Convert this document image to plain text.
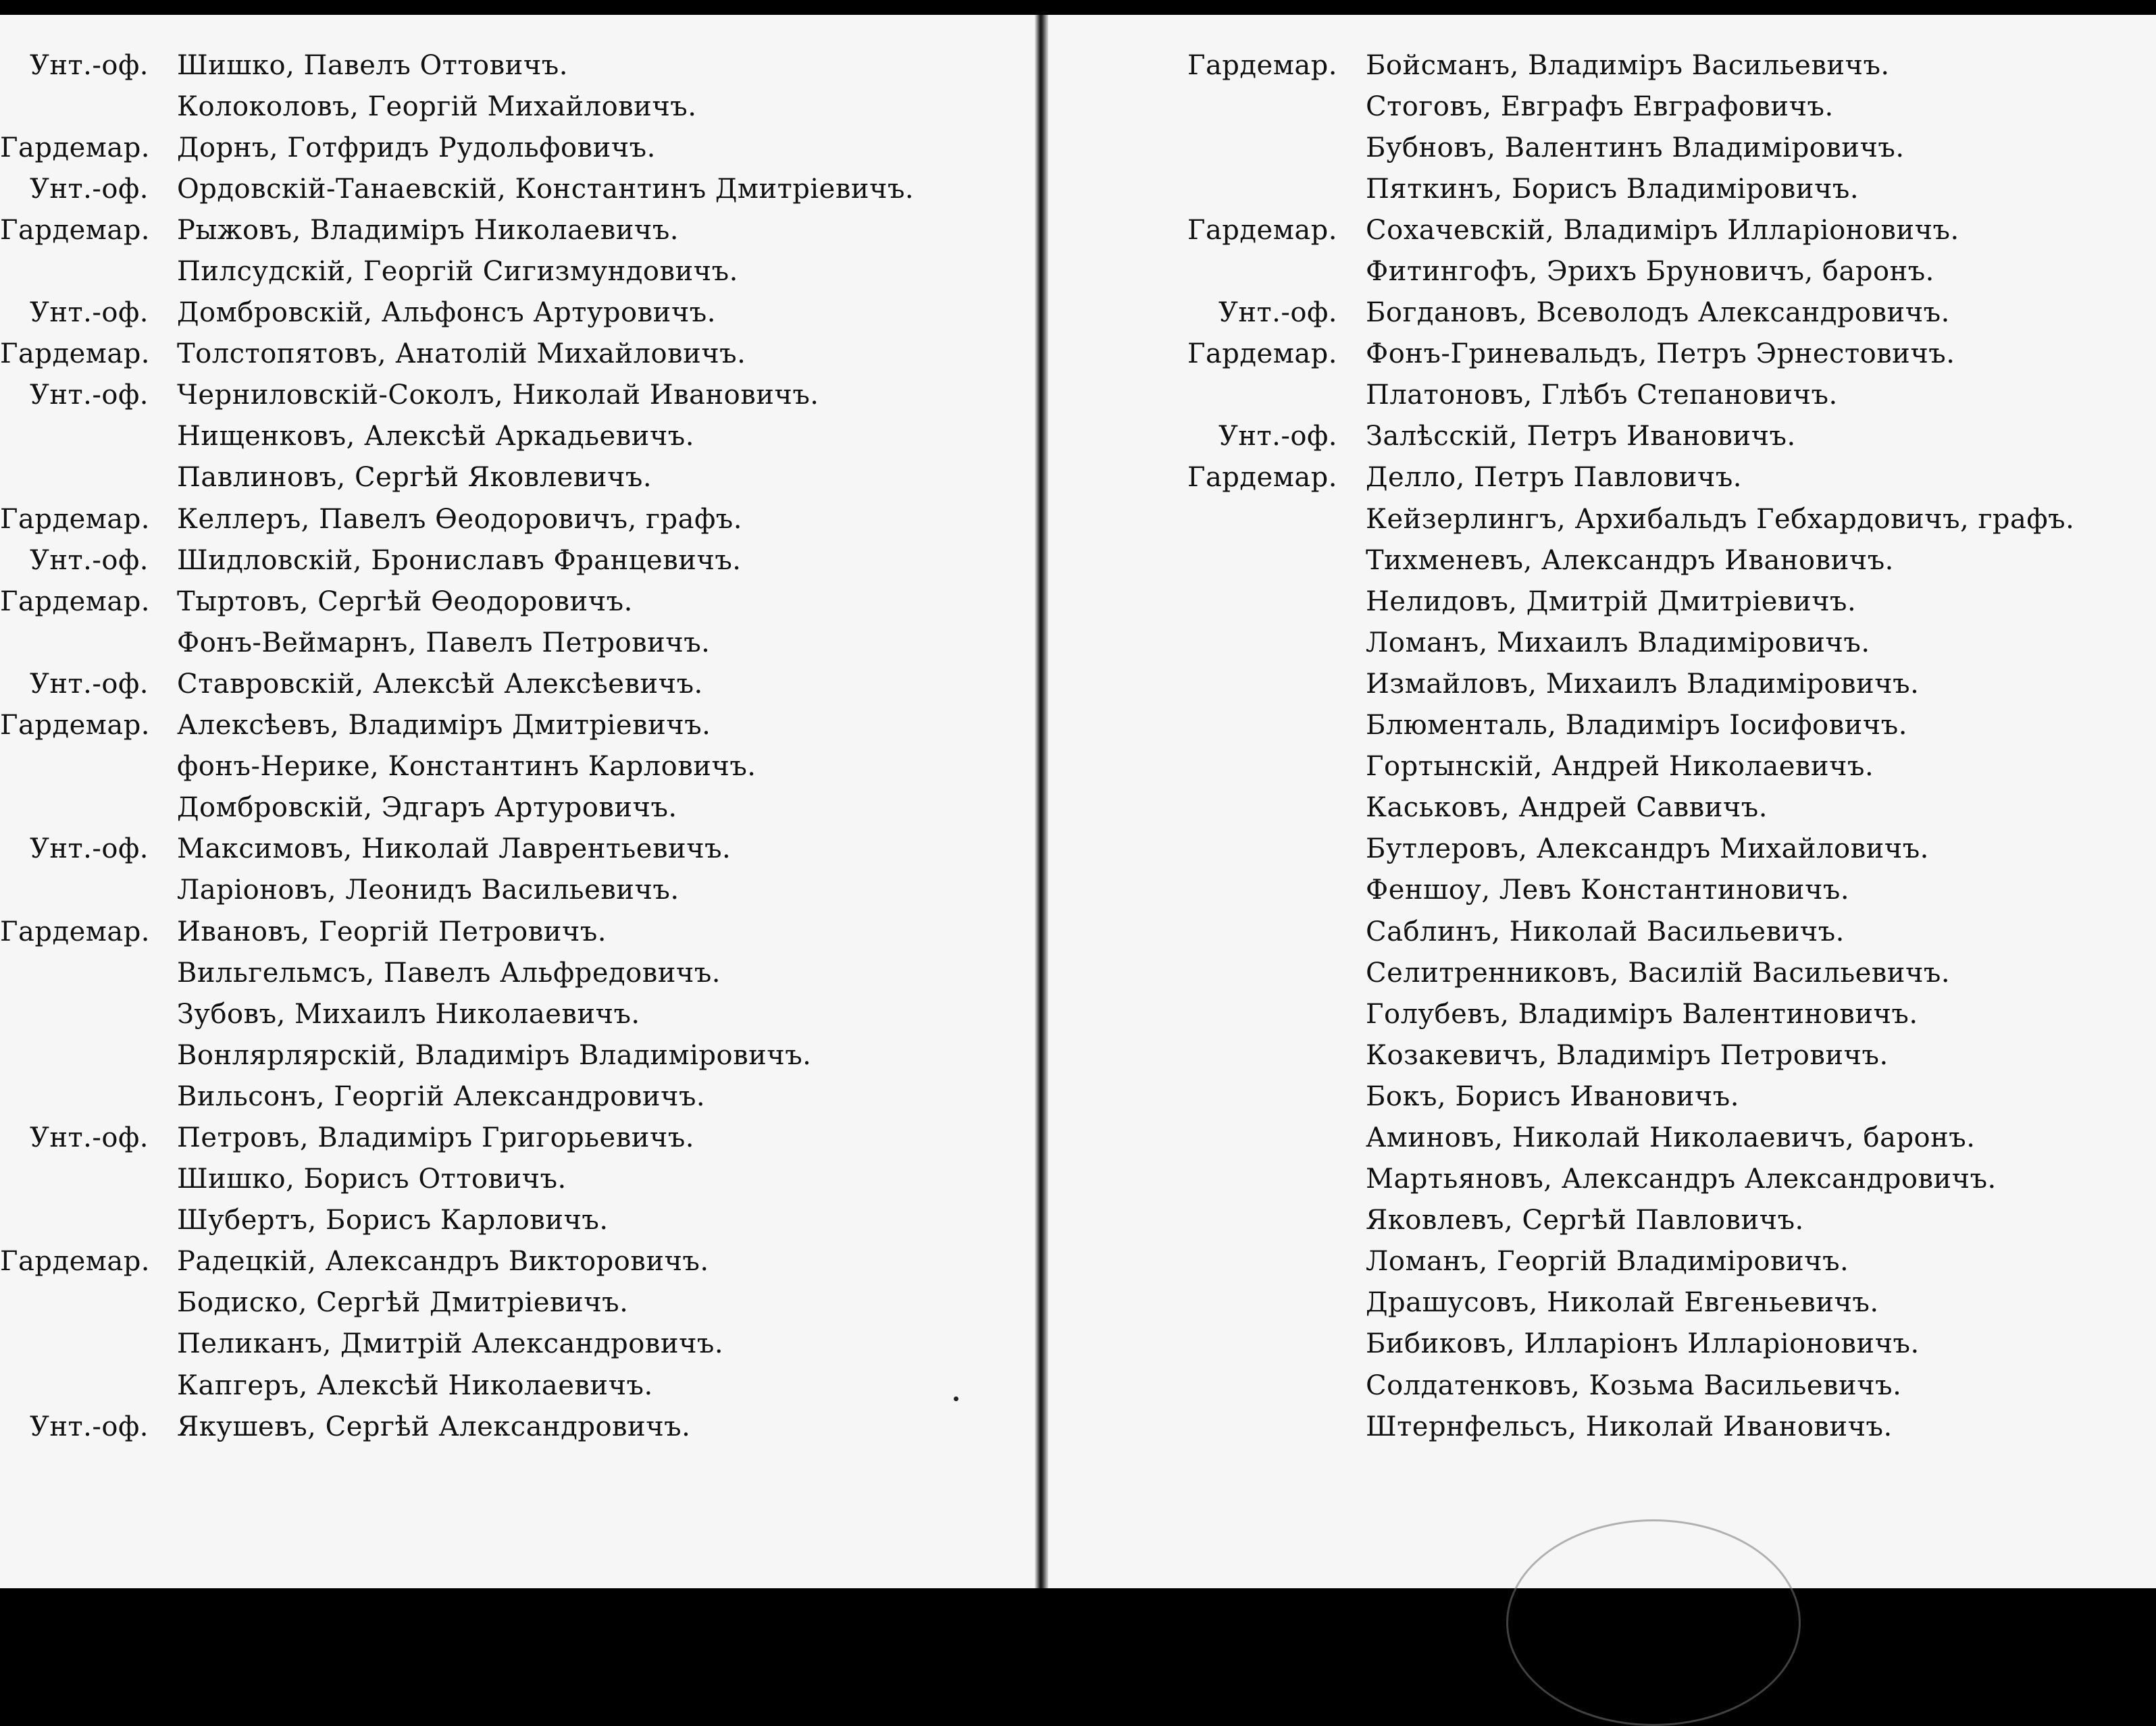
Унт.-оф.	Шишко, Павелъ Оттовичъ.
Колоколовъ, Георгій Михайловичъ.
Гардемар. Дорнъ, Готфридъ Рудольфовичъ.
Унт.-оф.	Ордовскій-Танаевскій, Константинъ Дмитріевичъ.
Гардемар. Рыжовъ, Владиміръ Николаевичъ.
Пилсудскій, Георгій Сигизмундовичъ.
Унт.-оф.	Домбровскій, Альфонсъ Артуровичъ.
Гардемар. Толстопятовъ, Анатолій Михайловичъ.
Унт.-оф.	Черниловскій-Соколъ, Николай Ивановичъ.
Нищенковъ, Алексѣй Аркадьевичъ.
Павлиновъ, Сергѣй Яковлевичъ.
Гардемар. Келлеръ, Павелъ Өеодоровичъ, графъ.
Унт.-оф.	Шидловскій, Брониславъ Францевичъ.
Гардемар. Тыртовъ, Сергѣй Өеодоровичъ.
Фонъ-Веймарнъ, Павелъ Петровичъ.
Унт.-оф.	Ставровскій, Алексѣй Алексѣевичъ.
Гардемар. Алексѣевъ, Владиміръ Дмитріевичъ.
фонъ-Нерике, Константинъ Карловичъ.
Домбровскій, Эдгаръ Артуровичъ.
Унт.-оф.	Максимовъ, Николай Лаврентьевичъ.
Ларіоновъ, Леонидъ Васильевичъ.
Гардемар. Ивановъ, Георгій Петровичъ.
Вильгельмсъ, Павелъ Альфредовичъ.
Зубовъ, Михаилъ Николаевичъ.
Вонлярлярскій, Владиміръ Владиміровичъ.
Вильсонъ, Георгій Александровичъ.
Унт.-оф.	Петровъ, Владиміръ Григорьевичъ.
Шишко, Борисъ Оттовичъ.
Шубертъ, Борисъ Карловичъ.
Гардемар. Радецкій, Александръ Викторовичъ.
Бодиско, Сергѣй Дмитріевичъ.
Пеликанъ, Дмитрій Александровичъ.
Капгеръ, Алексѣй Николаевичъ.
Унт.-оф.	Якушевъ, Сергѣй Александровичъ.
Гардемар.	Бойсманъ, Владиміръ Васильевичъ.
Стоговъ, Евграфъ Евграфовичъ.
Бубновъ, Валентинъ Владиміровичъ.
Пяткинъ, Борисъ Владиміровичъ.
Гардемар.	Сохачевскій, Владиміръ Илларіоновичъ.
Фитингофъ, Эрихъ Бруновичъ, баронъ.
Унт.-оф.	Богдановъ, Всеволодъ Александровичъ.
Гардемар.	Фонъ-Гриневальдъ, Петръ Эрнестовичъ.
Платоновъ, Глѣбъ Степановичъ.
Унт.-оф.	Залѣсскій, Петръ Ивановичъ.
Гардемар.	Делло, Петръ Павловичъ.
Кейзерлингъ, Архибальдъ Гебхардовичъ, графъ.
Тихменевъ, Александръ Ивановичъ.
Нелидовъ, Дмитрій Дмитріевичъ.
Ломанъ, Михаилъ Владиміровичъ.
Измайловъ, Михаилъ Владиміровичъ.
Блюменталь, Владиміръ Іосифовичъ.
Гортынскій, Андрей Николаевичъ.
Каськовъ, Андрей Саввичъ.
Бутлеровъ, Александръ Михайловичъ.
Феншоу, Левъ Константиновичъ.
Саблинъ, Николай Васильевичъ.
Селитренниковъ, Василій Васильевичъ.
Голубевъ, Владиміръ Валентиновичъ.
Козакевичъ, Владиміръ Петровичъ.
Бокъ, Борисъ Ивановичъ.
Аминовъ, Николай Николаевичъ, баронъ.
Мартьяновъ, Александръ Александровичъ.
Яковлевъ, Сергѣй Павловичъ.
Ломанъ, Георгій Владиміровичъ.
Драшусовъ, Николай Евгеньевичъ.
Бибиковъ, Илларіонъ Илларіоновичъ.
Солдатенковъ, Козьма Васильевичъ.
Штернфельсъ, Николай Ивановичъ.
